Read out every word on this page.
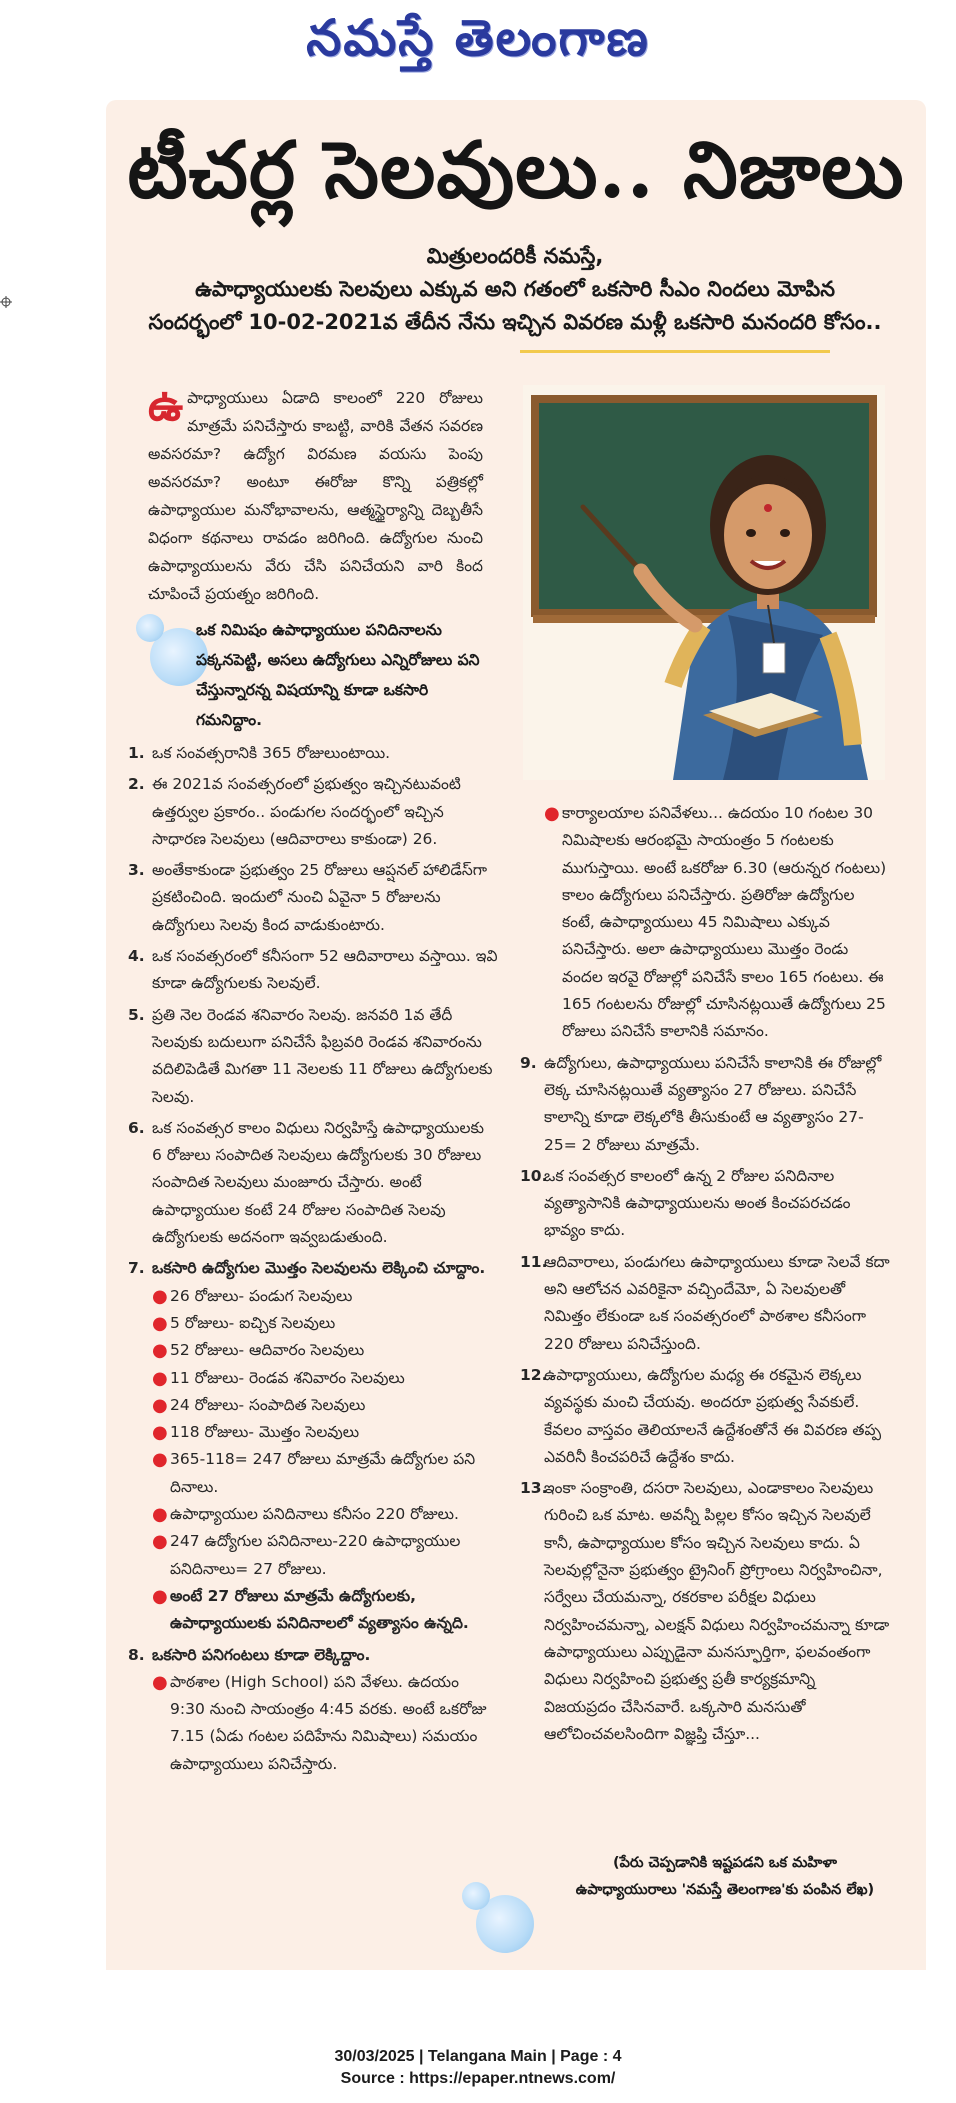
నమస్తే తెలంగాణ
టీచర్ల సెలవులు.. నిజాలు
మిత్రులందరికీ నమస్తే,
ఉపాధ్యాయులకు సెలవులు ఎక్కువ అని గతంలో ఒకసారి సీఎం నిందలు మోపిన
సందర్భంలో 10-02-2021వ తేదీన నేను ఇచ్చిన వివరణ మళ్లీ ఒకసారి మనందరి కోసం..
ఉపాధ్యాయులు ఏడాది కాలంలో 220 రోజులు మాత్రమే పనిచేస్తారు కాబట్టి, వారికి వేతన సవరణ అవసరమా? ఉద్యోగ విరమణ వయసు పెంపు అవసరమా? అంటూ ఈరోజు కొన్ని పత్రికల్లో ఉపాధ్యాయుల మనోభావాలను, ఆత్మస్థైర్యాన్ని దెబ్బతీసే విధంగా కథనాలు రావడం జరిగింది. ఉద్యోగుల నుంచి ఉపాధ్యాయులను వేరు చేసి పనిచేయని వారి కింద చూపించే ప్రయత్నం జరిగింది.
ఒక నిమిషం ఉపాధ్యాయుల పనిదినాలను పక్కనపెట్టి, అసలు ఉద్యోగులు ఎన్నిరోజులు పని చేస్తున్నారన్న విషయాన్ని కూడా ఒకసారి గమనిద్దాం.
1. ఒక సంవత్సరానికి 365 రోజులుంటాయి.
2. ఈ 2021వ సంవత్సరంలో ప్రభుత్వం ఇచ్చినటువంటి ఉత్తర్వుల ప్రకారం.. పండుగల సందర్భంలో ఇచ్చిన సాధారణ సెలవులు (ఆదివారాలు కాకుండా) 26.
3. అంతేకాకుండా ప్రభుత్వం 25 రోజులు ఆప్షనల్ హాలిడేస్‌గా ప్రకటించింది. ఇందులో నుంచి ఏవైనా 5 రోజులను ఉద్యోగులు సెలవు కింద వాడుకుంటారు.
4. ఒక సంవత్సరంలో కనీసంగా 52 ఆదివారాలు వస్తాయి. ఇవి కూడా ఉద్యోగులకు సెలవులే.
5. ప్రతి నెల రెండవ శనివారం సెలవు. జనవరి 1వ తేదీ సెలవుకు బదులుగా పనిచేసే ఫిబ్రవరి రెండవ శనివారంను వదిలిపెడితే మిగతా 11 నెలలకు 11 రోజులు ఉద్యోగులకు సెలవు.
6. ఒక సంవత్సర కాలం విధులు నిర్వహిస్తే ఉపాధ్యాయులకు 6 రోజులు సంపాదిత సెలవులు ఉద్యోగులకు 30 రోజులు సంపాదిత సెలవులు మంజూరు చేస్తారు. అంటే ఉపాధ్యాయుల కంటే 24 రోజుల సంపాదిత సెలవు ఉద్యోగులకు అదనంగా ఇవ్వబడుతుంది.
7. ఒకసారి ఉద్యోగుల మొత్తం సెలవులను లెక్కించి చూద్దాం.
● 26 రోజులు- పండుగ సెలవులు
● 5 రోజులు- ఐచ్చిక సెలవులు
● 52 రోజులు- ఆదివారం సెలవులు
● 11 రోజులు- రెండవ శనివారం సెలవులు
● 24 రోజులు- సంపాదిత సెలవులు
● 118 రోజులు- మొత్తం సెలవులు
● 365-118= 247 రోజులు మాత్రమే ఉద్యోగుల పని దినాలు.
● ఉపాధ్యాయుల పనిదినాలు కనీసం 220 రోజులు.
● 247 ఉద్యోగుల పనిదినాలు-220 ఉపాధ్యాయుల పనిదినాలు= 27 రోజులు.
● అంటే 27 రోజులు మాత్రమే ఉద్యోగులకు, ఉపాధ్యాయులకు పనిదినాలలో వ్యత్యాసం ఉన్నది.
8. ఒకసారి పనిగంటలు కూడా లెక్కిద్దాం.
● పాఠశాల (High School) పని వేళలు. ఉదయం 9:30 నుంచి సాయంత్రం 4:45 వరకు. అంటే ఒకరోజు 7.15 (ఏడు గంటల పదిహేను నిమిషాలు) సమయం ఉపాధ్యాయులు పనిచేస్తారు.
● కార్యాలయాల పనివేళలు... ఉదయం 10 గంటల 30 నిమిషాలకు ఆరంభమై సాయంత్రం 5 గంటలకు ముగుస్తాయి. అంటే ఒకరోజు 6.30 (ఆరున్నర గంటలు) కాలం ఉద్యోగులు పనిచేస్తారు. ప్రతిరోజు ఉద్యోగుల కంటే, ఉపాధ్యాయులు 45 నిమిషాలు ఎక్కువ పనిచేస్తారు. అలా ఉపాధ్యాయులు మొత్తం రెండు వందల ఇరవై రోజుల్లో పనిచేసే కాలం 165 గంటలు. ఈ 165 గంటలను రోజుల్లో చూసినట్లయితే ఉద్యోగులు 25 రోజులు పనిచేసే కాలానికి సమానం.
9. ఉద్యోగులు, ఉపాధ్యాయులు పనిచేసే కాలానికి ఈ రోజుల్లో లెక్క చూసినట్లయితే వ్యత్యాసం 27 రోజులు. పనిచేసే కాలాన్ని కూడా లెక్కలోకి తీసుకుంటే ఆ వ్యత్యాసం 27-25= 2 రోజులు మాత్రమే.
10.
ఒక సంవత్సర కాలంలో ఉన్న 2 రోజుల పనిదినాల వ్యత్యాసానికి ఉపాధ్యాయులను అంత కించపరచడం భావ్యం కాదు.
11.
ఆదివారాలు, పండుగలు ఉపాధ్యాయులు కూడా సెలవే కదా అని ఆలోచన ఎవరికైనా వచ్చిందేమో, ఏ సెలవులతో నిమిత్తం లేకుండా ఒక సంవత్సరంలో పాఠశాల కనీసంగా 220 రోజులు పనిచేస్తుంది.
12.
ఉపాధ్యాయులు, ఉద్యోగుల మధ్య ఈ రకమైన లెక్కలు వ్యవస్థకు మంచి చేయవు. అందరూ ప్రభుత్వ సేవకులే. కేవలం వాస్తవం తెలియాలనే ఉద్దేశంతోనే ఈ వివరణ తప్ప ఎవరినీ కించపరిచే ఉద్దేశం కాదు.
13.
ఇంకా సంక్రాంతి, దసరా సెలవులు, ఎండాకాలం సెలవులు గురించి ఒక మాట. అవన్నీ పిల్లల కోసం ఇచ్చిన సెలవులే కానీ, ఉపాధ్యాయుల కోసం ఇచ్చిన సెలవులు కాదు. ఏ సెలవుల్లోనైనా ప్రభుత్వం ట్రైనింగ్ ప్రోగ్రాంలు నిర్వహించినా, సర్వేలు చేయమన్నా, రకరకాల పరీక్షల విధులు నిర్వహించమన్నా, ఎలక్షన్ విధులు నిర్వహించమన్నా కూడా ఉపాధ్యాయులు ఎప్పుడైనా మనస్ఫూర్తిగా, ఫలవంతంగా విధులు నిర్వహించి ప్రభుత్వ ప్రతీ కార్యక్రమాన్ని విజయప్రదం చేసినవారే. ఒక్కసారి మనసుతో ఆలోచించవలసిందిగా విజ్ఞప్తి చేస్తూ...
(పేరు చెప్పడానికి ఇష్టపడని ఒక మహిళా ఉపాధ్యాయురాలు 'నమస్తే తెలంగాణ'కు పంపిన లేఖ)
30/03/2025 | Telangana Main | Page : 4
Source : https://epaper.ntnews.com/
